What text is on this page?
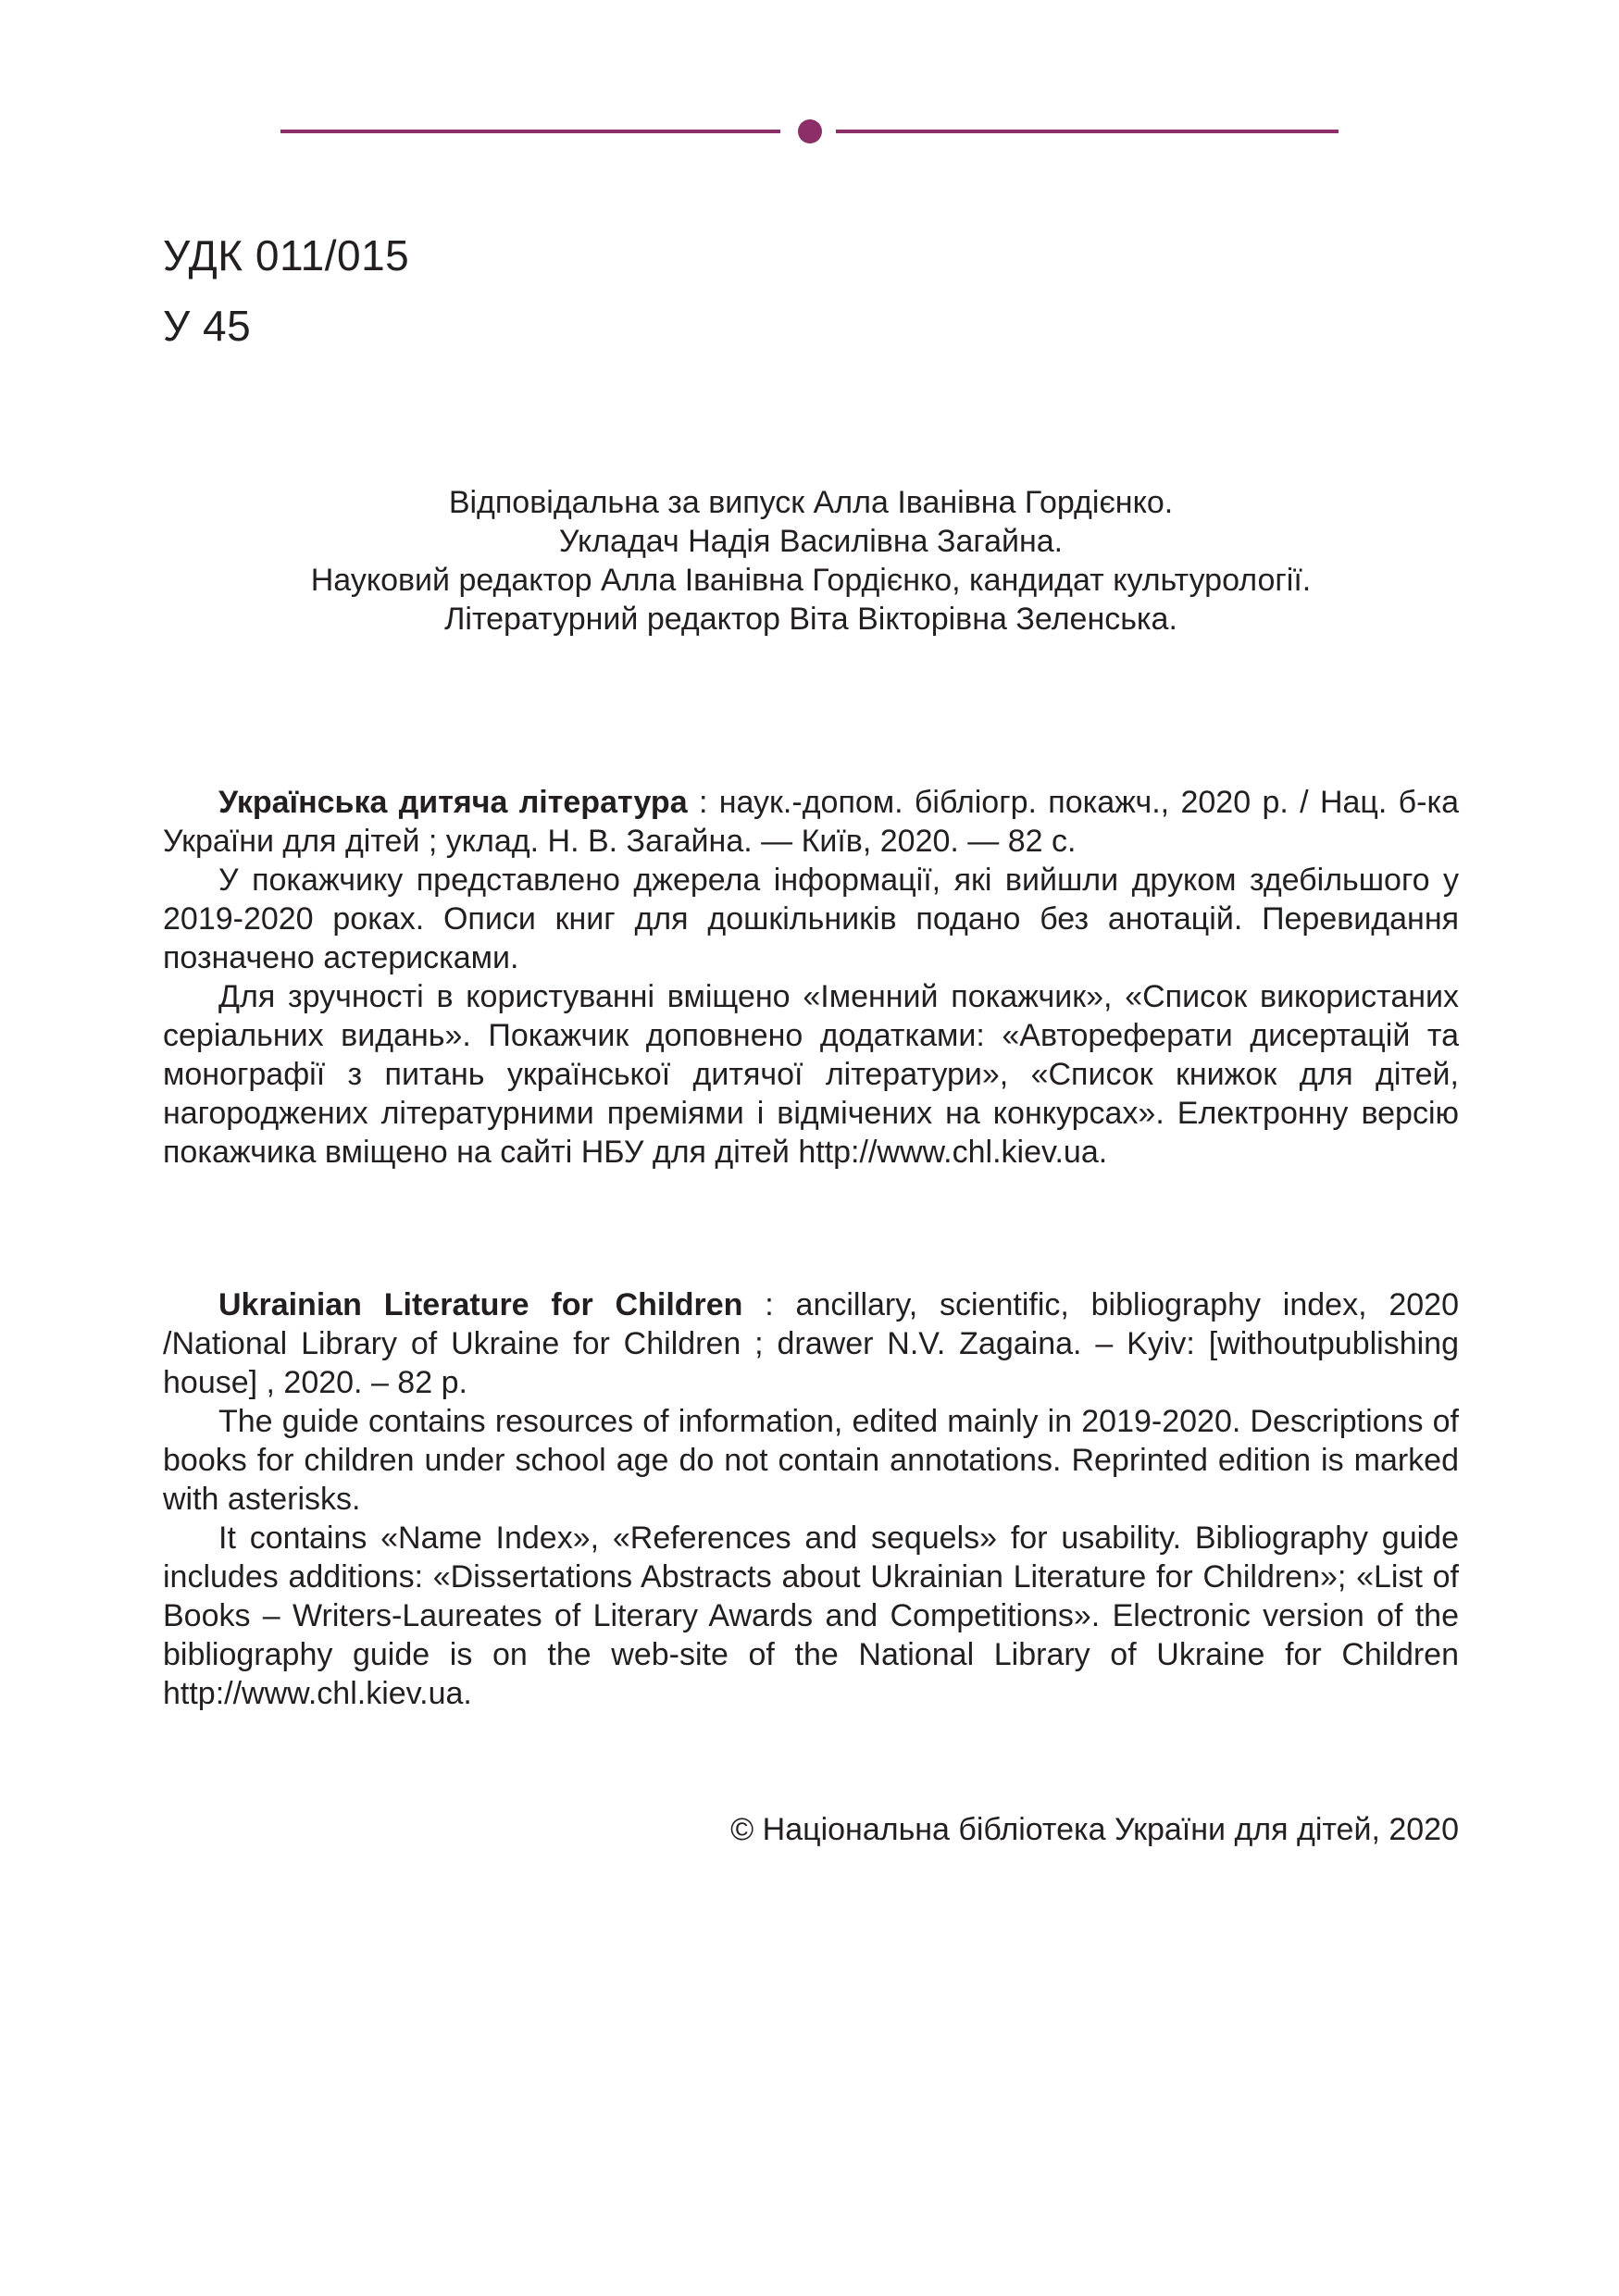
УДК 011/015
У 45
Відповідальна за випуск Алла Іванівна Гордієнко.
Укладач Надія Василівна Загайна.
Науковий редактор Алла Іванівна Гордієнко, кандидат культурології.
Літературний редактор Віта Вікторівна Зеленська.

Українська дитяча література : наук.-допом. бібліогр. покажч., 2020 р. / Нац. б-ка України для дітей ; уклад. Н. В. Загайна. — Київ, 2020. — 82 с.

У покажчику представлено джерела інформації, які вийшли друком здебільшого у 2019-2020 роках. Описи книг для дошкільників подано без анотацій. Перевидання позначено астерисками.

Для зручності в користуванні вміщено «Іменний покажчик», «Список використаних серіальних видань». Покажчик доповнено додатками: «Автореферати дисертацій та монографії з питань української дитячої літератури», «Список книжок для дітей, нагороджених літературними преміями і відмічених на конкурсах». Електронну версію покажчика вміщено на сайті НБУ для дітей http://www.chl.kiev.ua.

Ukrainian Literature for Children : ancillary, scientific, bibliography index, 2020 /National Library of Ukraine for Children ; drawer N.V. Zagaina. – Kyiv: [withoutpublishing house] , 2020. – 82 p.

The guide contains resources of information, edited mainly in 2019-2020. Descriptions of books for children under school age do not contain annotations. Reprinted edition is marked with asterisks.

It contains «Name Index», «References and sequels» for usability. Bibliography guide includes additions: «Dissertations Abstracts about Ukrainian Literature for Children»; «List of Books – Writers-Laureates of Literary Awards and Competitions». Electronic version of the bibliography guide is on the web-site of the National Library of Ukraine for Children http://www.chl.kiev.ua.

© Національна бібліотека України для дітей, 2020
